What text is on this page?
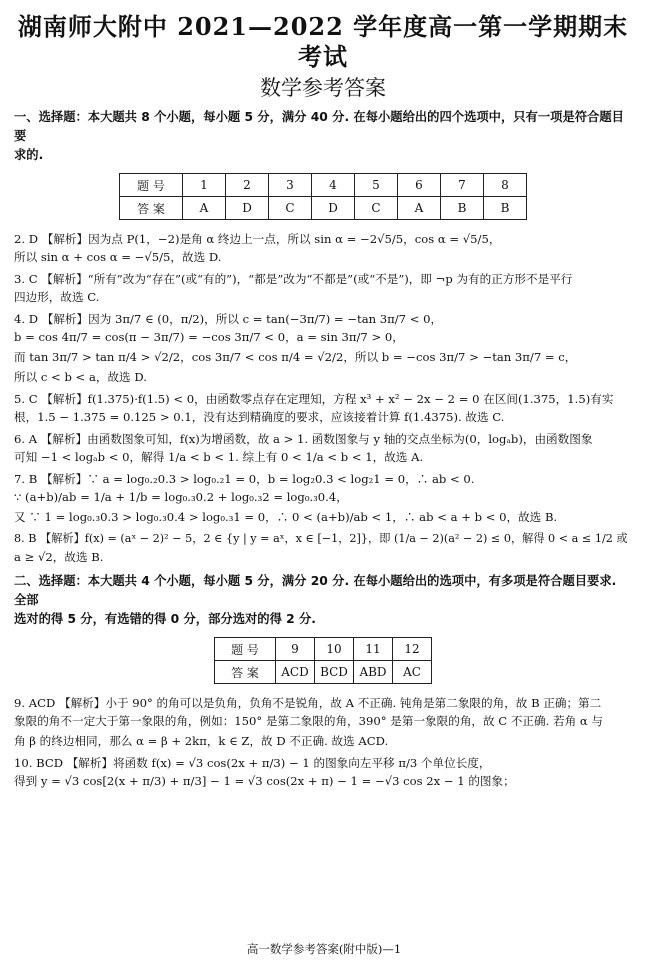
湖南师大附中 2021—2022 学年度高一第一学期期末考试
数学参考答案
一、选择题：本大题共 8 个小题，每小题 5 分，满分 40 分. 在每小题给出的四个选项中，只有一项是符合题目要
求的.
题 号	1	2	3	4	5	6	7	8
答 案	A	D	C	D	C	A	B	B
2. D 【解析】因为点 P(1，−2)是角 α 终边上一点，所以 sin α = −2√5/5，cos α = √5/5，
所以 sin α + cos α = −√5/5，故选 D.
3. C 【解析】“所有”改为“存在”(或“有的”)，“都是”改为“不都是”(或“不是”)，即 ¬p 为有的正方形不是平行
四边形，故选 C.
4. D 【解析】因为 3π/7 ∈ (0，π/2)，所以 c = tan(−3π/7) = −tan 3π/7 < 0，
b = cos 4π/7 = cos(π − 3π/7) = −cos 3π/7 < 0，a = sin 3π/7 > 0，
而 tan 3π/7 > tan π/4 > √2/2，cos 3π/7 < cos π/4 = √2/2，所以 b = −cos 3π/7 > −tan 3π/7 = c，
所以 c < b < a，故选 D.
5. C 【解析】f(1.375)·f(1.5) < 0，由函数零点存在定理知，方程 x³ + x² − 2x − 2 = 0 在区间(1.375，1.5)有实
根，1.5 − 1.375 = 0.125 > 0.1，没有达到精确度的要求，应该接着计算 f(1.4375). 故选 C.
6. A 【解析】由函数图象可知，f(x)为增函数，故 a > 1. 函数图象与 y 轴的交点坐标为(0，logₐb)，由函数图象
可知 −1 < logₐb < 0，解得 1/a < b < 1. 综上有 0 < 1/a < b < 1，故选 A.
7. B 【解析】∵ a = log₀.₂0.3 > log₀.₂1 = 0，b = log₂0.3 < log₂1 = 0，∴ ab < 0.
∵ (a+b)/ab = 1/a + 1/b = log₀.₃0.2 + log₀.₃2 = log₀.₃0.4，
又 ∵ 1 = log₀.₃0.3 > log₀.₃0.4 > log₀.₃1 = 0，∴ 0 < (a+b)/ab < 1，∴ ab < a + b < 0，故选 B.
8. B 【解析】f(x) = (aˣ − 2)² − 5，2 ∈ {y | y = aˣ，x ∈ [−1，2]}，即 (1/a − 2)(a² − 2) ≤ 0，解得 0 < a ≤ 1/2 或
a ≥ √2，故选 B.
二、选择题：本大题共 4 个小题，每小题 5 分，满分 20 分. 在每小题给出的选项中，有多项是符合题目要求. 全部
选对的得 5 分，有选错的得 0 分，部分选对的得 2 分.
题 号	9	10	11	12
答 案	ACD	BCD	ABD	AC
9. ACD 【解析】小于 90° 的角可以是负角，负角不是锐角，故 A 不正确. 钝角是第二象限的角，故 B 正确；第二
象限的角不一定大于第一象限的角，例如：150° 是第二象限的角，390° 是第一象限的角，故 C 不正确. 若角 α 与
角 β 的终边相同，那么 α = β + 2kπ，k ∈ Z，故 D 不正确. 故选 ACD.
10. BCD 【解析】将函数 f(x) = √3 cos(2x + π/3) − 1 的图象向左平移 π/3 个单位长度，
得到 y = √3 cos[2(x + π/3) + π/3] − 1 = √3 cos(2x + π) − 1 = −√3 cos 2x − 1 的图象；
高一数学参考答案(附中版)—1
